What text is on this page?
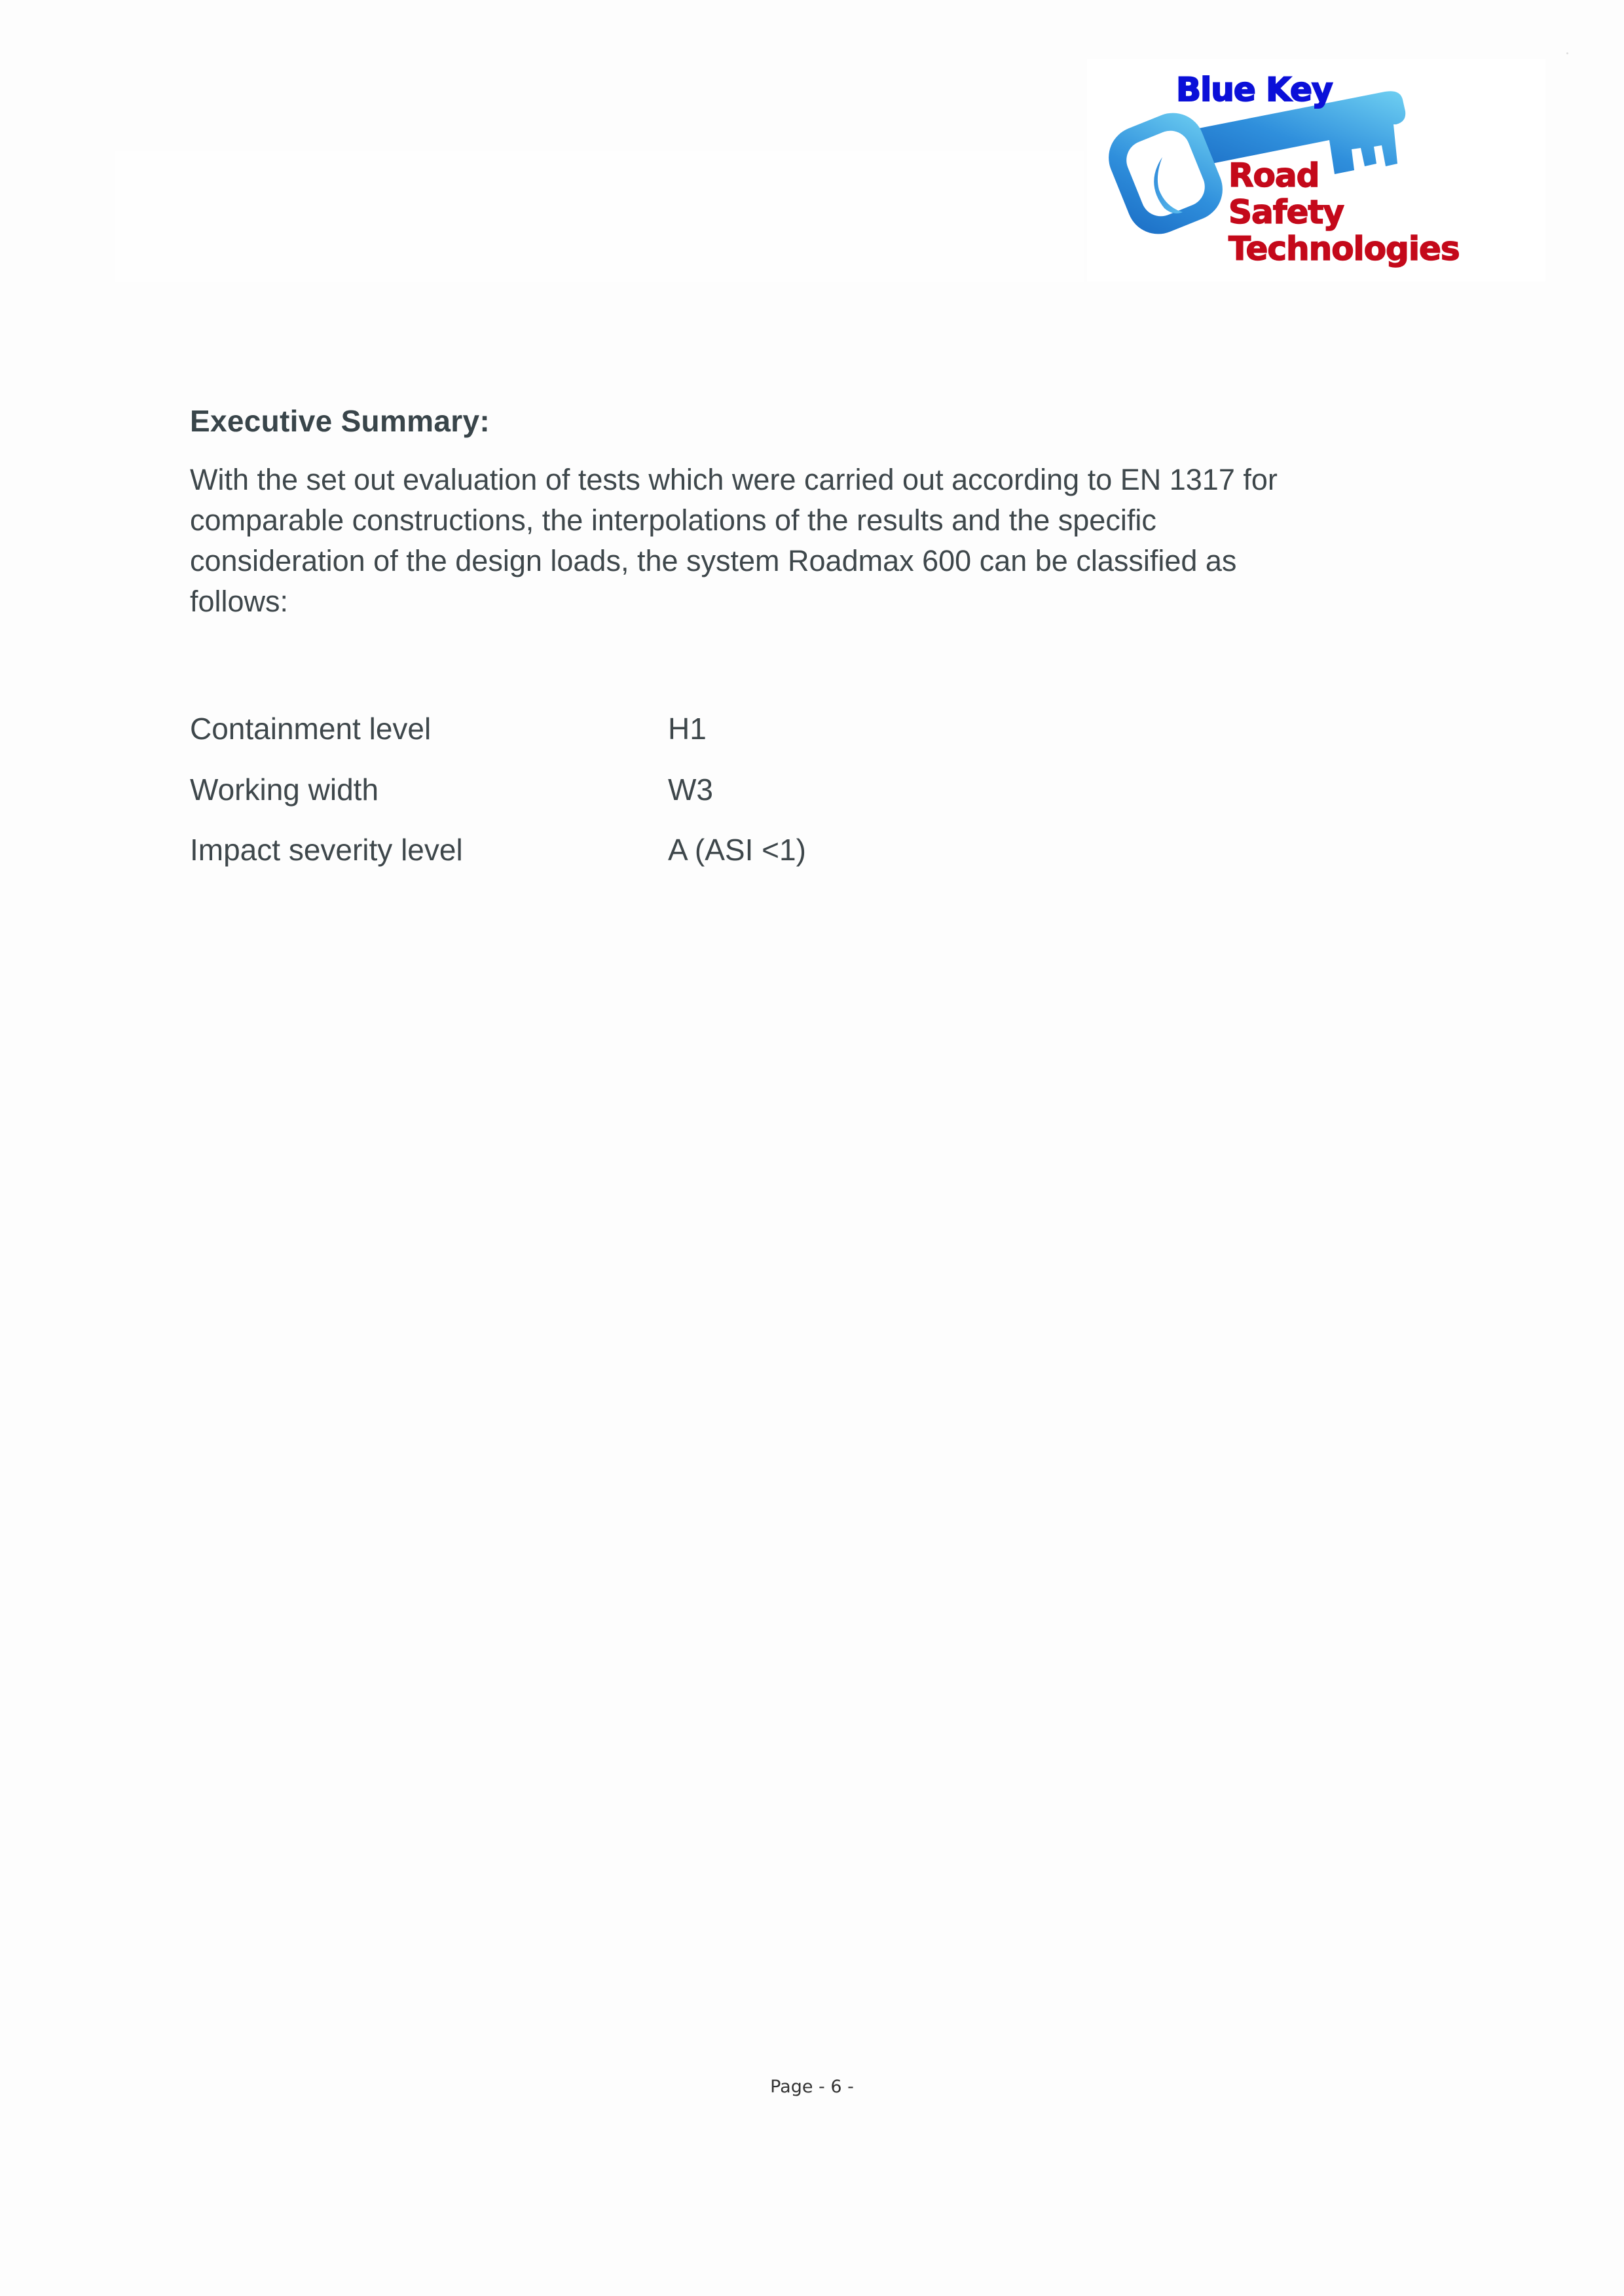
Blue Key
Road
Safety
Technologies
Executive Summary:

With the set out evaluation of tests which were carried out according to EN 1317 for
comparable constructions, the interpolations of the results and the specific
consideration of the design loads, the system Roadmax 600 can be classified as
follows:

Containment level	H1
Working width	W3
Impact severity level	A (ASI <1)
Page - 6 -
